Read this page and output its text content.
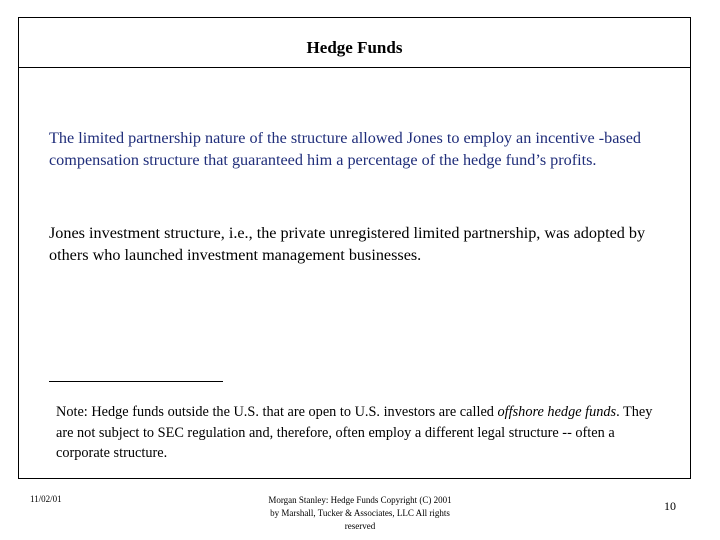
Hedge Funds

The limited partnership nature of the structure allowed Jones to employ an incentive -based compensation structure that guaranteed him a percentage of the hedge fund’s profits.

Jones investment structure, i.e., the private unregistered limited partnership, was adopted by others who launched investment management businesses.

Note: Hedge funds outside the U.S. that are open to U.S. investors are called offshore hedge funds. They are not subject to SEC regulation and, therefore, often employ a different legal structure -- often a corporate structure.

11/02/01	Morgan Stanley: Hedge Funds Copyright (C) 2001
by Marshall, Tucker & Associates, LLC All rights
reserved
10
